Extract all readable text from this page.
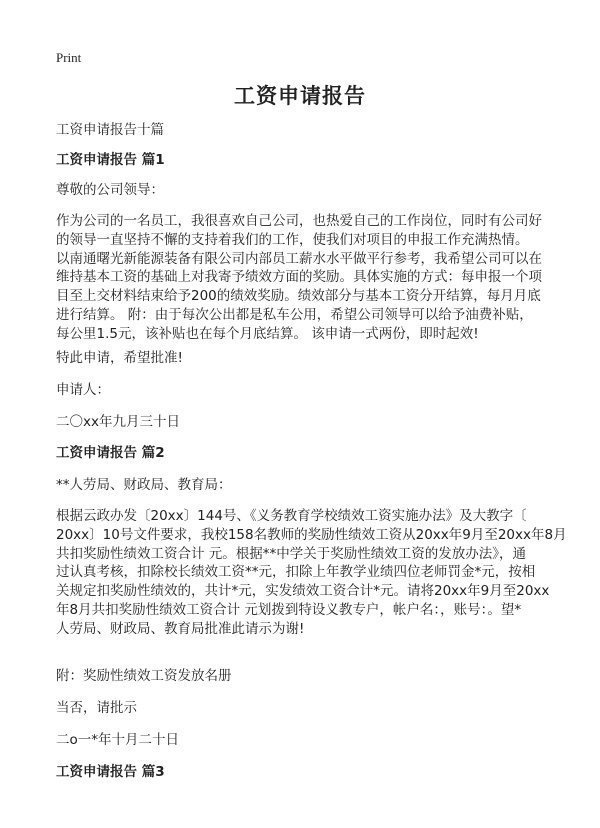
Print
工资申请报告
工资申请报告十篇
工资申请报告 篇1
尊敬的公司领导：
作为公司的一名员工，我很喜欢自己公司，也热爱自己的工作岗位，同时有公司好
的领导一直坚持不懈的支持着我们的工作，使我们对项目的申报工作充满热情。
以南通曙光新能源装备有限公司内部员工薪水水平做平行参考，我希望公司可以在
维持基本工资的基础上对我寄予绩效方面的奖励。具体实施的方式：每申报一个项
目至上交材料结束给予200的绩效奖励。绩效部分与基本工资分开结算，每月月底
进行结算。 附：由于每次公出都是私车公用，希望公司领导可以给予油费补贴，
每公里1.5元，该补贴也在每个月底结算。 该申请一式两份，即时起效!
特此申请，希望批准!
申请人：
二〇xx年九月三十日
工资申请报告 篇2
**人劳局、财政局、教育局：
根据云政办发〔20xx〕144号、《义务教育学校绩效工资实施办法》及大教字〔
20xx〕10号文件要求，我校158名教师的奖励性绩效工资从20xx年9月至20xx年8月
共扣奖励性绩效工资合计 元。根据**中学关于奖励性绩效工资的发放办法》，通
过认真考核，扣除校长绩效工资**元，扣除上年教学业绩四位老师罚金*元，按相
关规定扣奖励性绩效的，共计*元，实发绩效工资合计*元。请将20xx年9月至20xx
年8月共扣奖励性绩效工资合计 元划拨到特设义教专户，帐户名：，账号：。望*
人劳局、财政局、教育局批准此请示为谢!
附：奖励性绩效工资发放名册
当否，请批示
二o一*年十月二十日
工资申请报告 篇3
